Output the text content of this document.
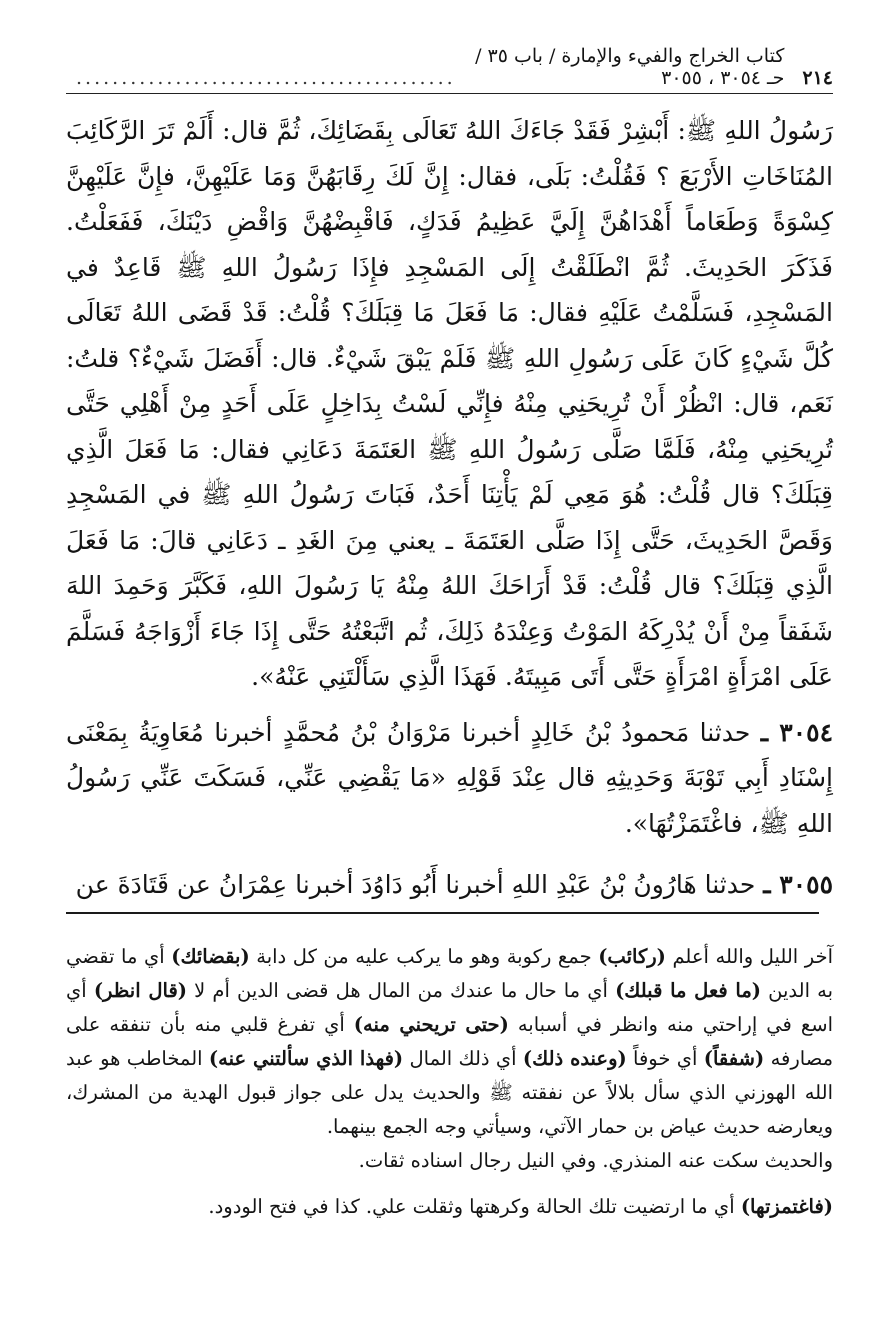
٢١٤
كتاب الخراج والفيء والإمارة / باب ٣٥ / حـ ٣٠٥٤ ، ٣٠٥٥
..........................................

رَسُولُ اللهِ ﷺ: أَبْشِرْ فَقَدْ جَاءَكَ اللهُ تَعَالَى بِقَضَائِكَ، ثُمَّ قال: أَلَمْ تَرَ الرَّكَائِبَ المُنَاخَاتِ الأَرْبَعَ ؟ فَقُلْتُ: بَلَى، فقال: إِنَّ لَكَ رِقَابَهُنَّ وَمَا عَلَيْهِنَّ، فإِنَّ عَلَيْهِنَّ كِسْوَةً وَطَعَاماً أَهْدَاهُنَّ إِلَيَّ عَظِيمُ فَدَكٍ، فَاقْبِضْهُنَّ وَاقْضِ دَيْنَكَ، فَفَعَلْتُ. فَذَكَرَ الحَدِيثَ. ثُمَّ انْطَلَقْتُ إِلَى المَسْجِدِ فإِذَا رَسُولُ اللهِ ﷺ قَاعِدٌ في المَسْجِدِ، فَسَلَّمْتُ عَلَيْهِ فقال: مَا فَعَلَ مَا قِبَلَكَ؟ قُلْتُ: قَدْ قَضَى اللهُ تَعَالَى كُلَّ شَيْءٍ كَانَ عَلَى رَسُولِ اللهِ ﷺ فَلَمْ يَبْقَ شَيْءٌ. قال: أَفَضَلَ شَيْءٌ؟ قلتُ: نَعَم، قال: انْظُرْ أَنْ تُرِيحَنِي مِنْهُ فإِنِّي لَسْتُ بِدَاخِلٍ عَلَى أَحَدٍ مِنْ أَهْلِي حَتَّى تُرِيحَنِي مِنْهُ، فَلَمَّا صَلَّى رَسُولُ اللهِ ﷺ العَتَمَةَ دَعَانِي فقال: مَا فَعَلَ الَّذِي قِبَلَكَ؟ قال قُلْتُ: هُوَ مَعِي لَمْ يَأْتِنَا أَحَدٌ، فَبَاتَ رَسُولُ اللهِ ﷺ في المَسْجِدِ وَقَصَّ الحَدِيثَ، حَتَّى إِذَا صَلَّى العَتَمَةَ ـ يعني مِنَ الغَدِ ـ دَعَانِي قالَ: مَا فَعَلَ الَّذِي قِبَلَكَ؟ قال قُلْتُ: قَدْ أَرَاحَكَ اللهُ مِنْهُ يَا رَسُولَ اللهِ، فَكَبَّرَ وَحَمِدَ اللهَ شَفَقاً مِنْ أَنْ يُدْرِكَهُ المَوْتُ وَعِنْدَهُ ذَلِكَ، ثُم اتَّبَعْتُهُ حَتَّى إِذَا جَاءَ أَزْوَاجَهُ فَسَلَّمَ عَلَى امْرَأَةٍ امْرَأَةٍ حَتَّى أَتَى مَبِيتَهُ. فَهَذَا الَّذِي سَأَلْتَنِي عَنْهُ».

٣٠٥٤ ـ حدثنا مَحمودُ بْنُ خَالِدٍ أخبرنا مَرْوَانُ بْنُ مُحمَّدٍ أخبرنا مُعَاوِيَةُ بِمَعْنَى إِسْنَادِ أَبِي تَوْبَةَ وَحَدِيثِهِ قال عِنْدَ قَوْلِهِ «مَا يَقْضِي عَنِّي، فَسَكَتَ عَنِّي رَسُولُ اللهِ ﷺ، فاغْتَمَزْتُهَا».

٣٠٥٥ ـ حدثنا هَارُونُ بْنُ عَبْدِ اللهِ أخبرنا أَبُو دَاوُدَ أخبرنا عِمْرَانُ عن قَتَادَةَ عن

آخر الليل والله أعلم (ركائب) جمع ركوبة وهو ما يركب عليه من كل دابة (بقضائك) أي ما تقضي به الدين (ما فعل ما قبلك) أي ما حال ما عندك من المال هل قضى الدين أم لا (قال انظر) أي اسع في إراحتي منه وانظر في أسبابه (حتى تريحني منه) أي تفرغ قلبي منه بأن تنفقه على مصارفه (شفقاً) أي خوفاً (وعنده ذلك) أي ذلك المال (فهذا الذي سألتني عنه) المخاطب هو عبد الله الهوزني الذي سأل بلالاً عن نفقته ﷺ والحديث يدل على جواز قبول الهدية من المشرك، ويعارضه حديث عياض بن حمار الآتي، وسيأتي وجه الجمع بينهما.

والحديث سكت عنه المنذري. وفي النيل رجال اسناده ثقات.

(فاغتمزتها) أي ما ارتضيت تلك الحالة وكرهتها وثقلت علي. كذا في فتح الودود.
